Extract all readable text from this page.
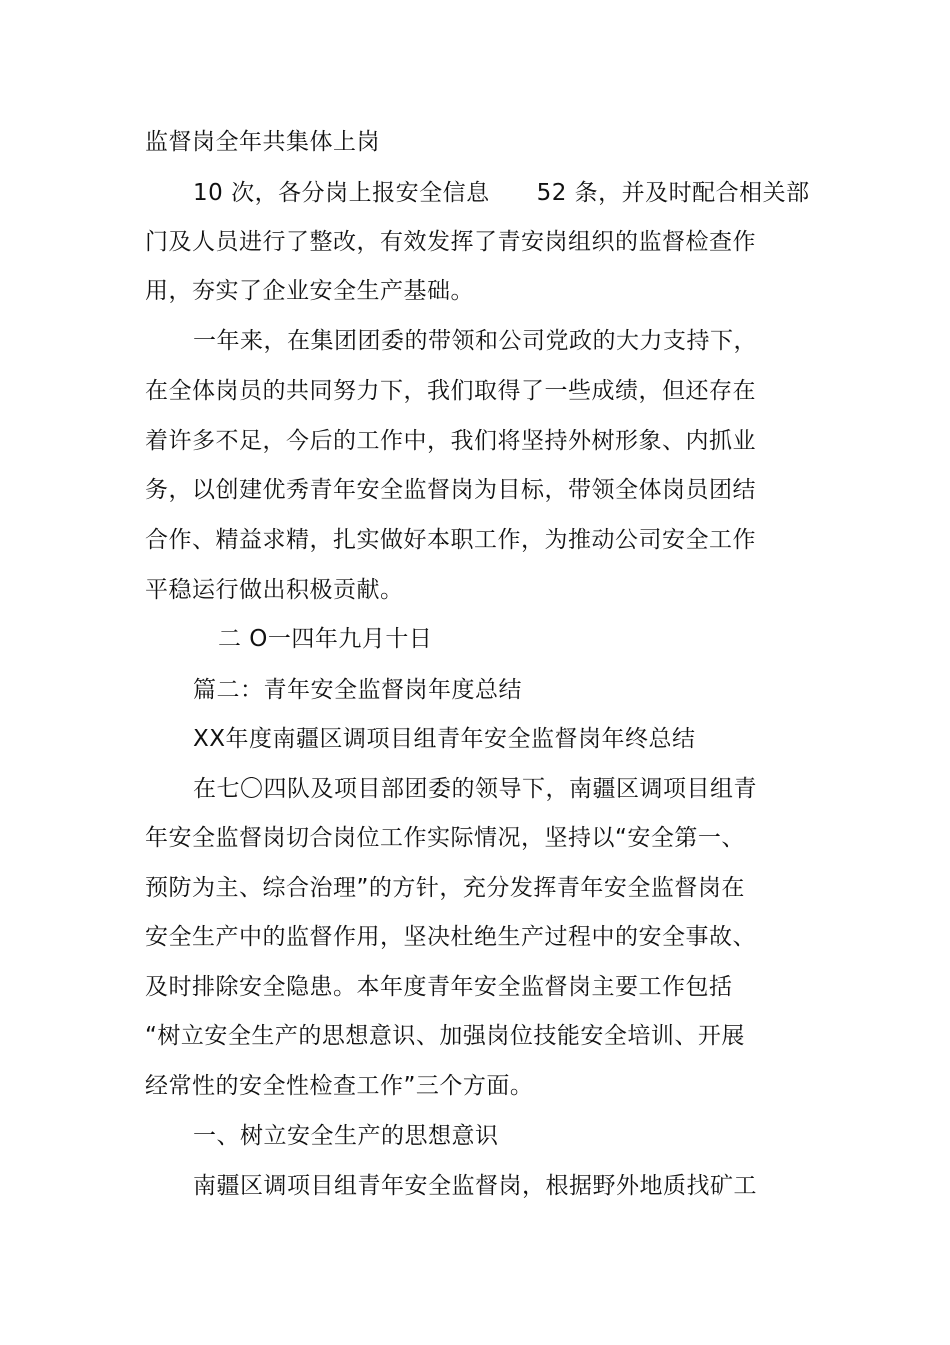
监督岗全年共集体上岗
10 次，各分岗上报安全信息　　52 条，并及时配合相关部
门及人员进行了整改，有效发挥了青安岗组织的监督检查作
用，夯实了企业安全生产基础。
一年来，在集团团委的带领和公司党政的大力支持下，
在全体岗员的共同努力下，我们取得了一些成绩，但还存在
着许多不足，今后的工作中，我们将坚持外树形象、内抓业
务，以创建优秀青年安全监督岗为目标，带领全体岗员团结
合作、精益求精，扎实做好本职工作，为推动公司安全工作
平稳运行做出积极贡献。
二 O一四年九月十日
篇二：青年安全监督岗年度总结
XX年度南疆区调项目组青年安全监督岗年终总结
在七〇四队及项目部团委的领导下，南疆区调项目组青
年安全监督岗切合岗位工作实际情况，坚持以“安全第一、
预防为主、综合治理”的方针，充分发挥青年安全监督岗在
安全生产中的监督作用，坚决杜绝生产过程中的安全事故、
及时排除安全隐患。本年度青年安全监督岗主要工作包括
“树立安全生产的思想意识、加强岗位技能安全培训、开展
经常性的安全性检查工作”三个方面。
一、树立安全生产的思想意识
南疆区调项目组青年安全监督岗，根据野外地质找矿工
